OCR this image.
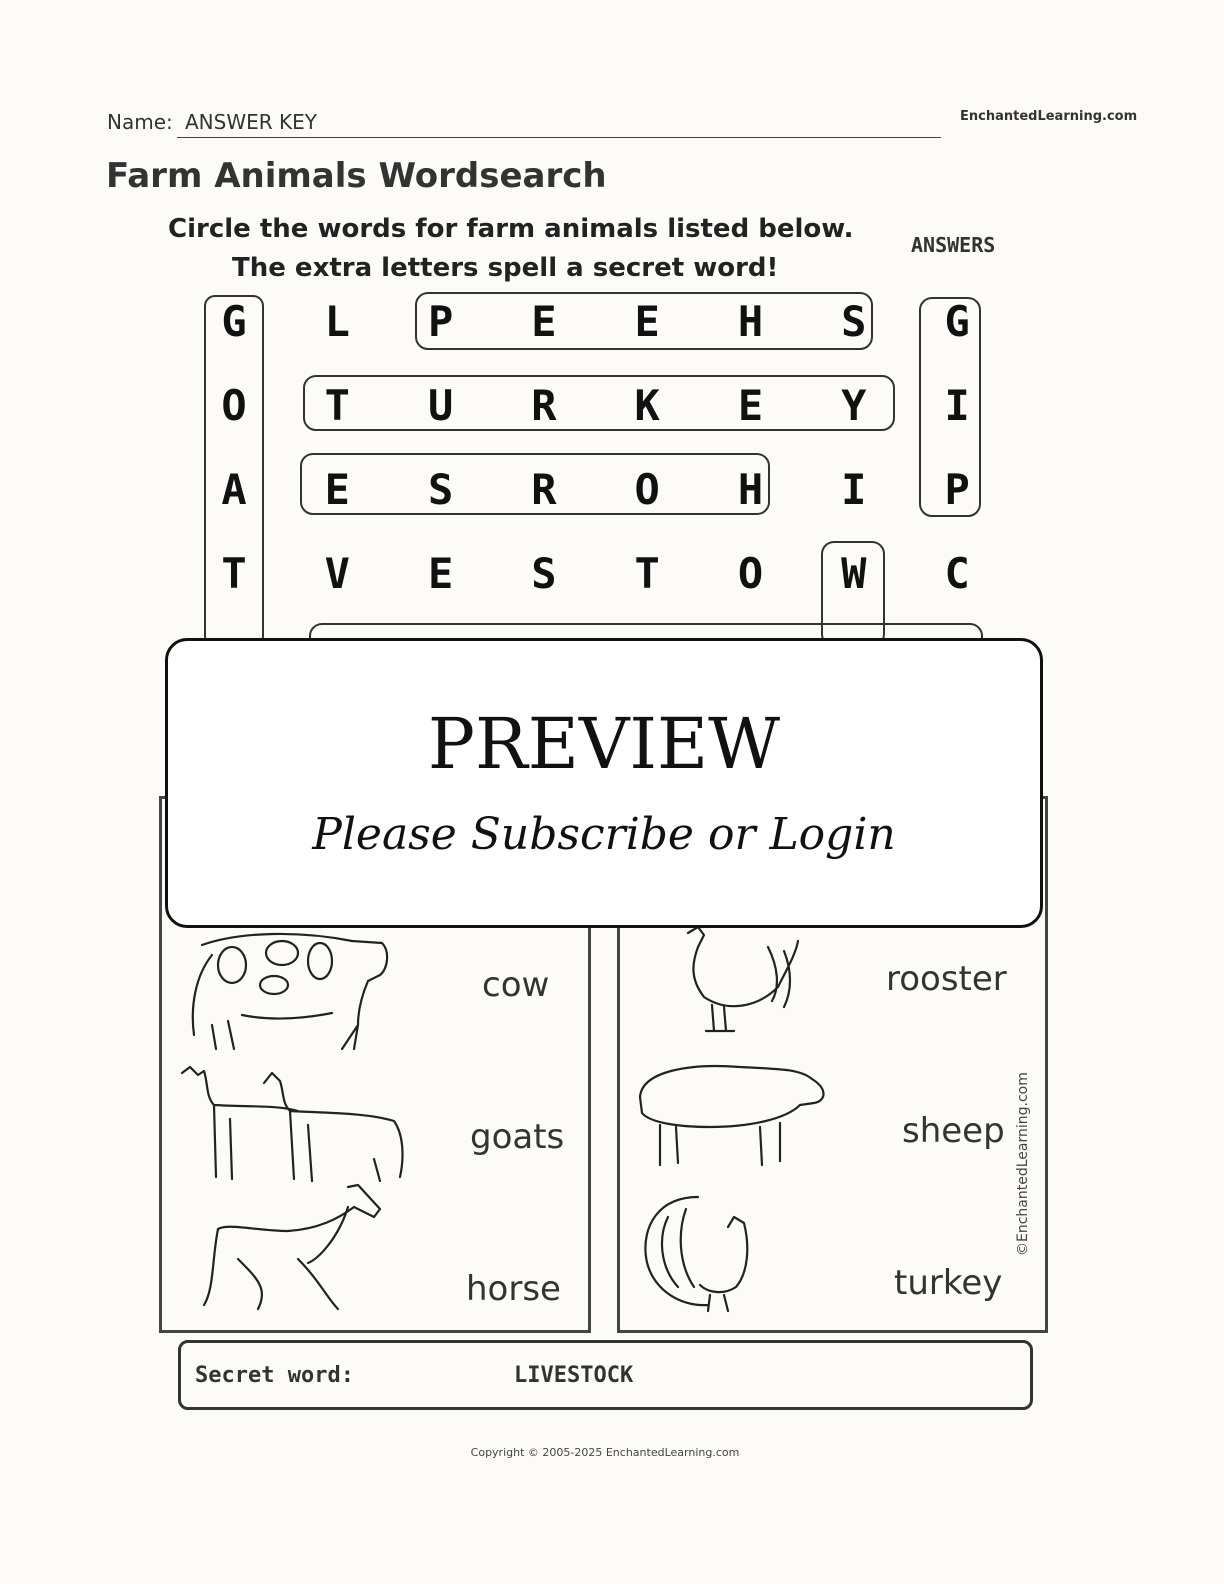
Name: ANSWER KEY	EnchantedLearning.com
Farm Animals Wordsearch
Circle the words for farm animals listed below.
The extra letters spell a secret word!
ANSWERS
G L P E E H S G
O T U R K E Y I
A E S R O H I P
T V E S T O W C
cow
goats
horse
rooster
sheep
turkey
©EnchantedLearning.com
PREVIEW
Please Subscribe or Login
Secret word:	LIVESTOCK
Copyright © 2005-2025 EnchantedLearning.com
